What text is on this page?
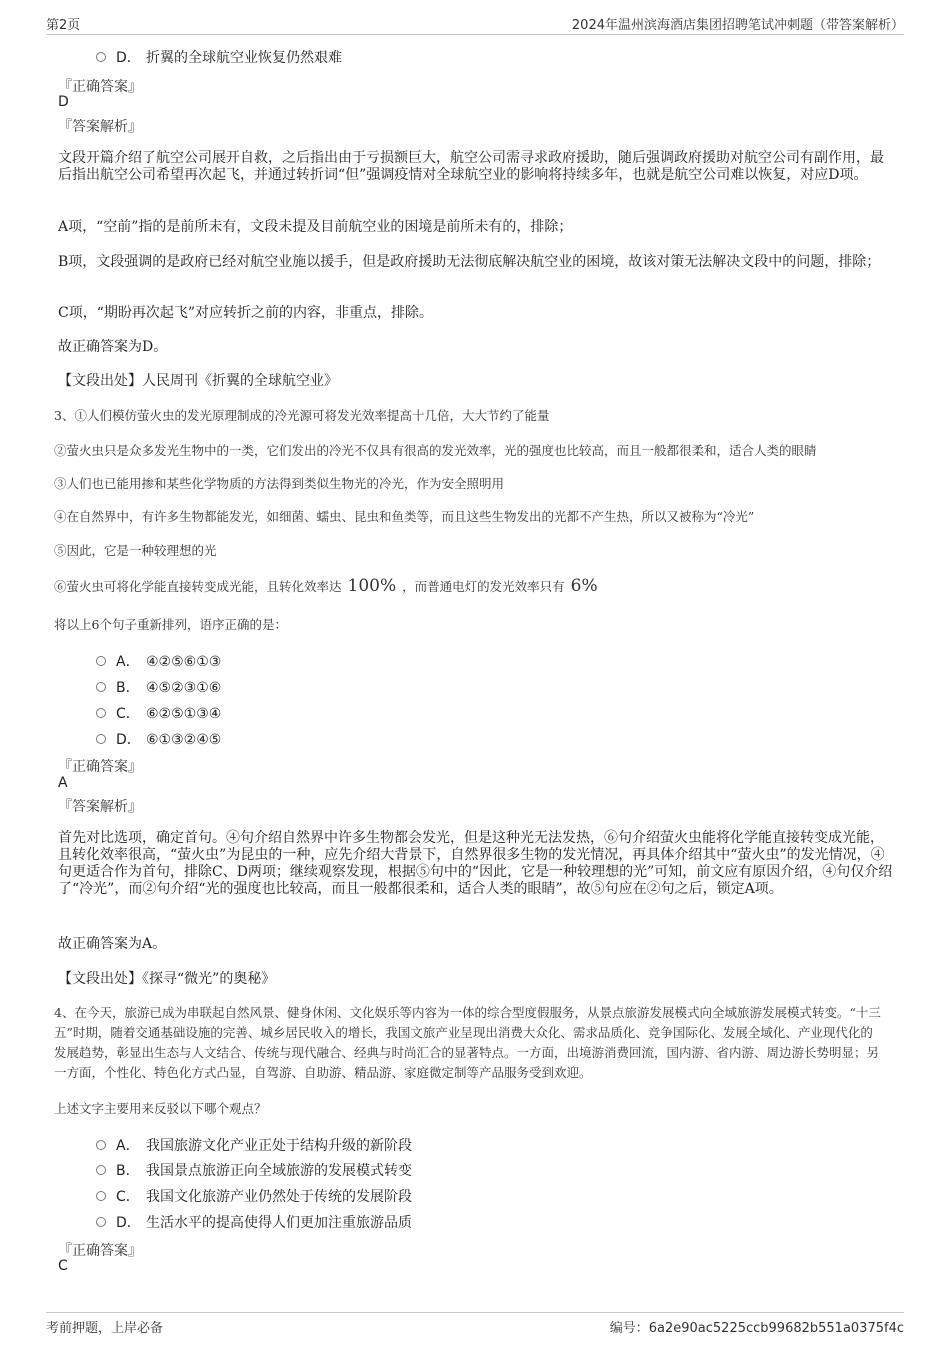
第2页	2024年温州滨海酒店集团招聘笔试冲刺题（带答案解析）
D． 折翼的全球航空业恢复仍然艰难
『正确答案』
D
『答案解析』
文段开篇介绍了航空公司展开自救，之后指出由于亏损额巨大，航空公司需寻求政府援助，随后强调政府援助对航空公司有副作用，最后指出航空公司希望再次起飞，并通过转折词“但”强调疫情对全球航空业的影响将持续多年，也就是航空公司难以恢复，对应D项。
A项，“空前”指的是前所未有，文段未提及目前航空业的困境是前所未有的，排除；
B项，文段强调的是政府已经对航空业施以援手，但是政府援助无法彻底解决航空业的困境，故该对策无法解决文段中的问题，排除；
C项，“期盼再次起飞”对应转折之前的内容，非重点，排除。
故正确答案为D。
【文段出处】人民周刊《折翼的全球航空业》
3、①人们模仿萤火虫的发光原理制成的冷光源可将发光效率提高十几倍，大大节约了能量
②萤火虫只是众多发光生物中的一类，它们发出的冷光不仅具有很高的发光效率，光的强度也比较高，而且一般都很柔和，适合人类的眼睛
③人们也已能用掺和某些化学物质的方法得到类似生物光的冷光，作为安全照明用
④在自然界中，有许多生物都能发光，如细菌、蠕虫、昆虫和鱼类等，而且这些生物发出的光都不产生热，所以又被称为“冷光”
⑤因此，它是一种较理想的光
⑥萤火虫可将化学能直接转变成光能，且转化效率达 100% ，而普通电灯的发光效率只有 6%
将以上6个句子重新排列，语序正确的是：
A． ④②⑤⑥①③
B． ④⑤②③①⑥
C． ⑥②⑤①③④
D． ⑥①③②④⑤
『正确答案』
A
『答案解析』
首先对比选项，确定首句。④句介绍自然界中许多生物都会发光，但是这种光无法发热，⑥句介绍萤火虫能将化学能直接转变成光能，且转化效率很高，“萤火虫”为昆虫的一种，应先介绍大背景下，自然界很多生物的发光情况，再具体介绍其中“萤火虫”的发光情况，④句更适合作为首句，排除C、D两项；继续观察发现，根据⑤句中的“因此，它是一种较理想的光”可知，前文应有原因介绍，④句仅介绍了“冷光”，而②句介绍“光的强度也比较高，而且一般都很柔和，适合人类的眼睛”，故⑤句应在②句之后，锁定A项。
故正确答案为A。
【文段出处】《探寻“微光”的奥秘》
4、在今天，旅游已成为串联起自然风景、健身休闲、文化娱乐等内容为一体的综合型度假服务，从景点旅游发展模式向全域旅游发展模式转变。“十三五”时期，随着交通基础设施的完善、城乡居民收入的增长，我国文旅产业呈现出消费大众化、需求品质化、竞争国际化、发展全域化、产业现代化的发展趋势，彰显出生态与人文结合、传统与现代融合、经典与时尚汇合的显著特点。一方面，出境游消费回流，国内游、省内游、周边游长势明显；另一方面，个性化、特色化方式凸显，自驾游、自助游、精品游、家庭微定制等产品服务受到欢迎。
上述文字主要用来反驳以下哪个观点？
A． 我国旅游文化产业正处于结构升级的新阶段
B． 我国景点旅游正向全域旅游的发展模式转变
C． 我国文化旅游产业仍然处于传统的发展阶段
D． 生活水平的提高使得人们更加注重旅游品质
『正确答案』
C
考前押题，上岸必备	编号：6a2e90ac5225ccb99682b551a0375f4c
